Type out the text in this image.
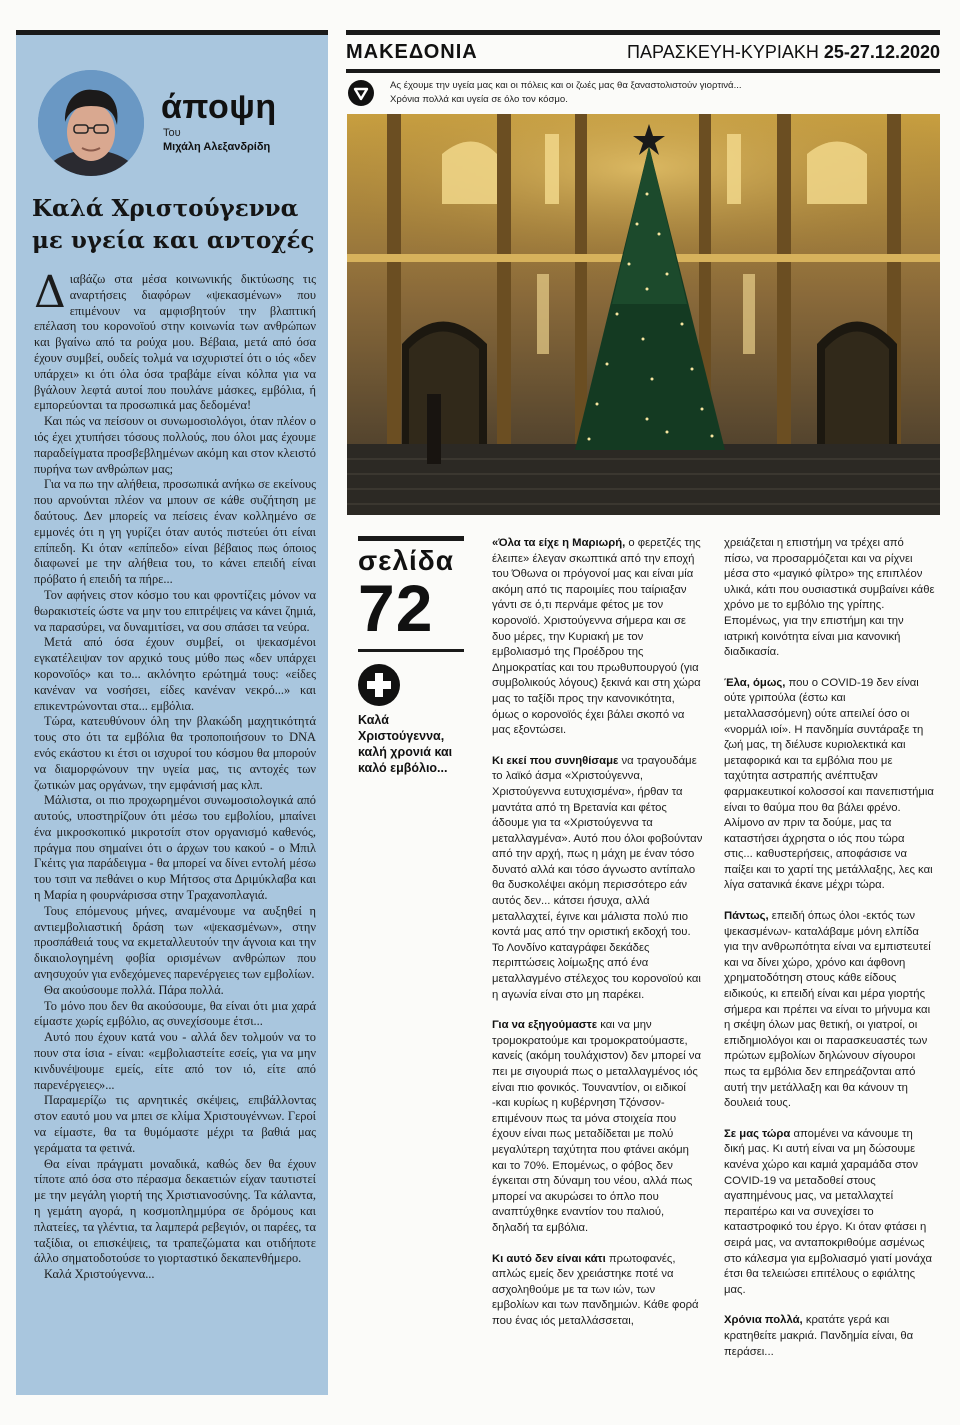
άποψη
Του
Μιχάλη Αλεξανδρίδη
Καλά Χριστούγεννα
με υγεία και αντοχές

Διαβάζω στα μέσα κοινωνικής δικτύωσης τις αναρτήσεις διαφόρων «ψεκασμένων» που επιμένουν να αμφισβητούν την βλαπτική επέλαση του κορονοϊού στην κοινωνία των ανθρώπων και βγαίνω από τα ρούχα μου. Βέβαια, μετά από όσα έχουν συμβεί, ουδείς τολμά να ισχυριστεί ότι ο ιός «δεν υπάρχει» κι ότι όλα όσα τραβάμε είναι κόλπα για να βγάλουν λεφτά αυτοί που πουλάνε μάσκες, εμβόλια, ή εμπορεύονται τα προσωπικά μας δεδομένα!

Και πώς να πείσουν οι συνωμοσιολόγοι, όταν πλέον ο ιός έχει χτυπήσει τόσους πολλούς, που όλοι μας έχουμε παραδείγματα προσβεβλημένων ακόμη και στον κλειστό πυρήνα των ανθρώπων μας;

Για να πω την αλήθεια, προσωπικά ανήκω σε εκείνους που αρνούνται πλέον να μπουν σε κάθε συζήτηση με δαύτους. Δεν μπορείς να πείσεις έναν κολλημένο σε εμμονές ότι η γη γυρίζει όταν αυτός πιστεύει ότι είναι επίπεδη. Κι όταν «επίπεδο» είναι βέβαιος πως όποιος διαφωνεί με την αλήθεια του, το κάνει επειδή είναι πρόβατο ή επειδή τα πήρε...

Τον αφήνεις στον κόσμο του και φροντίζεις μόνον να θωρακιστείς ώστε να μην του επιτρέψεις να κάνει ζημιά, να παρασύρει, να δυναμιτίσει, να σου σπάσει τα νεύρα.

Μετά από όσα έχουν συμβεί, οι ψεκασμένοι εγκατέλειψαν τον αρχικό τους μύθο πως «δεν υπάρχει κορονοϊός» και το... ακλόνητο ερώτημά τους: «είδες κανέναν να νοσήσει, είδες κανέναν νεκρό...» και επικεντρώνονται στα... εμβόλια.

Τώρα, κατευθύνουν όλη την βλακώδη μαχητικότητά τους στο ότι τα εμβόλια θα τροποποιήσουν το DNA ενός εκάστου κι έτσι οι ισχυροί του κόσμου θα μπορούν να διαμορφώνουν την υγεία μας, τις αντοχές των ζωτικών μας οργάνων, την εμφάνισή μας κλπ.

Μάλιστα, οι πιο προχωρημένοι συνωμοσιολογικά από αυτούς, υποστηρίζουν ότι μέσω του εμβολίου, μπαίνει ένα μικροσκοπικό μικροτσίπ στον οργανισμό καθενός, πράγμα που σημαίνει ότι ο άρχων του κακού - ο Μπιλ Γκέιτς για παράδειγμα - θα μπορεί να δίνει εντολή μέσω του τσιπ να πεθάνει ο κυρ Μήτσος στα Δριμύκλαβα και η Μαρία η φουρνάρισσα στην Τραχανοπλαγιά.

Τους επόμενους μήνες, αναμένουμε να αυξηθεί η αντιεμβολιαστική δράση των «ψεκασμένων», στην προσπάθειά τους να εκμεταλλευτούν την άγνοια και την δικαιολογημένη φοβία ορισμένων ανθρώπων που ανησυχούν για ενδεχόμενες παρενέργειες των εμβολίων.

Θα ακούσουμε πολλά. Πάρα πολλά.

Το μόνο που δεν θα ακούσουμε, θα είναι ότι μια χαρά είμαστε χωρίς εμβόλιο, ας συνεχίσουμε έτσι...

Αυτό που έχουν κατά νου - αλλά δεν τολμούν να το πουν στα ίσια - είναι: «εμβολιαστείτε εσείς, για να μην κινδυνέψουμε εμείς, είτε από τον ιό, είτε από παρενέργειες»...

Παραμερίζω τις αρνητικές σκέψεις, επιβάλλοντας στον εαυτό μου να μπει σε κλίμα Χριστουγέννων. Γεροί να είμαστε, θα τα θυμόμαστε μέχρι τα βαθιά μας γεράματα τα φετινά.

Θα είναι πράγματι μοναδικά, καθώς δεν θα έχουν τίποτε από όσα στο πέρασμα δεκαετιών είχαν ταυτιστεί με την μεγάλη γιορτή της Χριστιανοσύνης. Τα κάλαντα, η γεμάτη αγορά, η κοσμοπλημμύρα σε δρόμους και πλατείες, τα γλέντια, τα λαμπερά ρεβεγιόν, οι παρέες, τα ταξίδια, οι επισκέψεις, τα τραπεζώματα και οτιδήποτε άλλο σηματοδοτούσε το γιορταστικό δεκαπενθήμερο.

Καλά Χριστούγεννα...

ΜΑΚΕΔΟΝΙΑ	ΠΑΡΑΣΚΕΥΗ-ΚΥΡΙΑΚΗ 25-27.12.2020
Ας έχουμε την υγεία μας και οι πόλεις και οι ζωές μας θα ξαναστολιστούν γιορτινά...
Χρόνια πολλά και υγεία σε όλο τον κόσμο.
σελίδα
72
Καλά Χριστούγεννα, καλή χρονιά και καλό εμβόλιο...

«Όλα τα είχε η Μαριωρή, ο φερετζές της έλειπε» έλεγαν σκωπτικά από την εποχή του Όθωνα οι πρόγονοί μας και είναι μία ακόμη από τις παροιμίες που ταίριαξαν γάντι σε ό,τι περνάμε φέτος με τον κορονοϊό. Χριστούγεννα σήμερα και σε δυο μέρες, την Κυριακή με τον εμβολιασμό της Προέδρου της Δημοκρατίας και του πρωθυπουργού (για συμβολικούς λόγους) ξεκινά και στη χώρα μας το ταξίδι προς την κανονικότητα, όμως ο κορονοϊός έχει βάλει σκοπό να μας εξοντώσει.

Κι εκεί που συνηθίσαμε να τραγουδάμε το λαϊκό άσμα «Χριστούγεννα, Χριστούγεννα ευτυχισμένα», ήρθαν τα μαντάτα από τη Βρετανία και φέτος άδουμε για τα «Χριστούγεννα τα μεταλλαγμένα». Αυτό που όλοι φοβούνταν από την αρχή, πως η μάχη με έναν τόσο δυνατό αλλά και τόσο άγνωστο αντίπαλο θα δυσκολέψει ακόμη περισσότερο εάν αυτός δεν... κάτσει ήσυχα, αλλά μεταλλαχτεί, έγινε και μάλιστα πολύ πιο κοντά μας από την οριστική εκδοχή του. Το Λονδίνο καταγράφει δεκάδες περιπτώσεις λοίμωξης από ένα μεταλλαγμένο στέλεχος του κορονοϊού και η αγωνία είναι στο μη παρέκει.

Για να εξηγούμαστε και να μην τρομοκρατούμε και τρομοκρατούμαστε, κανείς (ακόμη τουλάχιστον) δεν μπορεί να πει με σιγουριά πως ο μεταλλαγμένος ιός είναι πιο φονικός. Τουναντίον, οι ειδικοί -και κυρίως η κυβέρνηση Τζόνσον- επιμένουν πως τα μόνα στοιχεία που έχουν είναι πως μεταδίδεται με πολύ μεγαλύτερη ταχύτητα που φτάνει ακόμη και το 70%. Επομένως, ο φόβος δεν έγκειται στη δύναμη του νέου, αλλά πως μπορεί να ακυρώσει το όπλο που αναπτύχθηκε εναντίον του παλιού, δηλαδή τα εμβόλια.

Κι αυτό δεν είναι κάτι πρωτοφανές, απλώς εμείς δεν χρειάστηκε ποτέ να ασχοληθούμε με τα των ιών, των εμβολίων και των πανδημιών. Κάθε φορά που ένας ιός μεταλλάσσεται,

χρειάζεται η επιστήμη να τρέχει από πίσω, να προσαρμόζεται και να ρίχνει μέσα στο «μαγικό φίλτρο» της επιπλέον υλικά, κάτι που ουσιαστικά συμβαίνει κάθε χρόνο με το εμβόλιο της γρίπης. Επομένως, για την επιστήμη και την ιατρική κοινότητα είναι μια κανονική διαδικασία.

Έλα, όμως, που ο COVID-19 δεν είναι ούτε γριπούλα (έστω και μεταλλασσόμενη) ούτε απειλεί όσο οι «νορμάλ ιοί». Η πανδημία συντάραξε τη ζωή μας, τη διέλυσε κυριολεκτικά και μεταφορικά και τα εμβόλια που με ταχύτητα αστραπής ανέπτυξαν φαρμακευτικοί κολοσσοί και πανεπιστήμια είναι το θαύμα που θα βάλει φρένο. Αλίμονο αν πριν τα δούμε, μας τα καταστήσει άχρηστα ο ιός που τώρα στις... καθυστερήσεις, αποφάσισε να παίξει και το χαρτί της μετάλλαξης, λες και λίγα σατανικά έκανε μέχρι τώρα.

Πάντως, επειδή όπως όλοι -εκτός των ψεκασμένων- καταλάβαμε μόνη ελπίδα για την ανθρωπότητα είναι να εμπιστευτεί και να δίνει χώρο, χρόνο και άφθονη χρηματοδότηση στους κάθε είδους ειδικούς, κι επειδή είναι και μέρα γιορτής σήμερα και πρέπει να είναι το μήνυμα και η σκέψη όλων μας θετική, οι γιατροί, οι επιδημιολόγοι και οι παρασκευαστές των πρώτων εμβολίων δηλώνουν σίγουροι πως τα εμβόλια δεν επηρεάζονται από αυτή την μετάλλαξη και θα κάνουν τη δουλειά τους.

Σε μας τώρα απομένει να κάνουμε τη δική μας. Κι αυτή είναι να μη δώσουμε κανένα χώρο και καμιά χαραμάδα στον COVID-19 να μεταδοθεί στους αγαπημένους μας, να μεταλλαχτεί περαιτέρω και να συνεχίσει το καταστροφικό του έργο. Κι όταν φτάσει η σειρά μας, να ανταποκριθούμε ασμένως στο κάλεσμα για εμβολιασμό γιατί μονάχα έτσι θα τελειώσει επιτέλους ο εφιάλτης μας.

Χρόνια πολλά, κρατάτε γερά και κρατηθείτε μακριά. Πανδημία είναι, θα περάσει...
